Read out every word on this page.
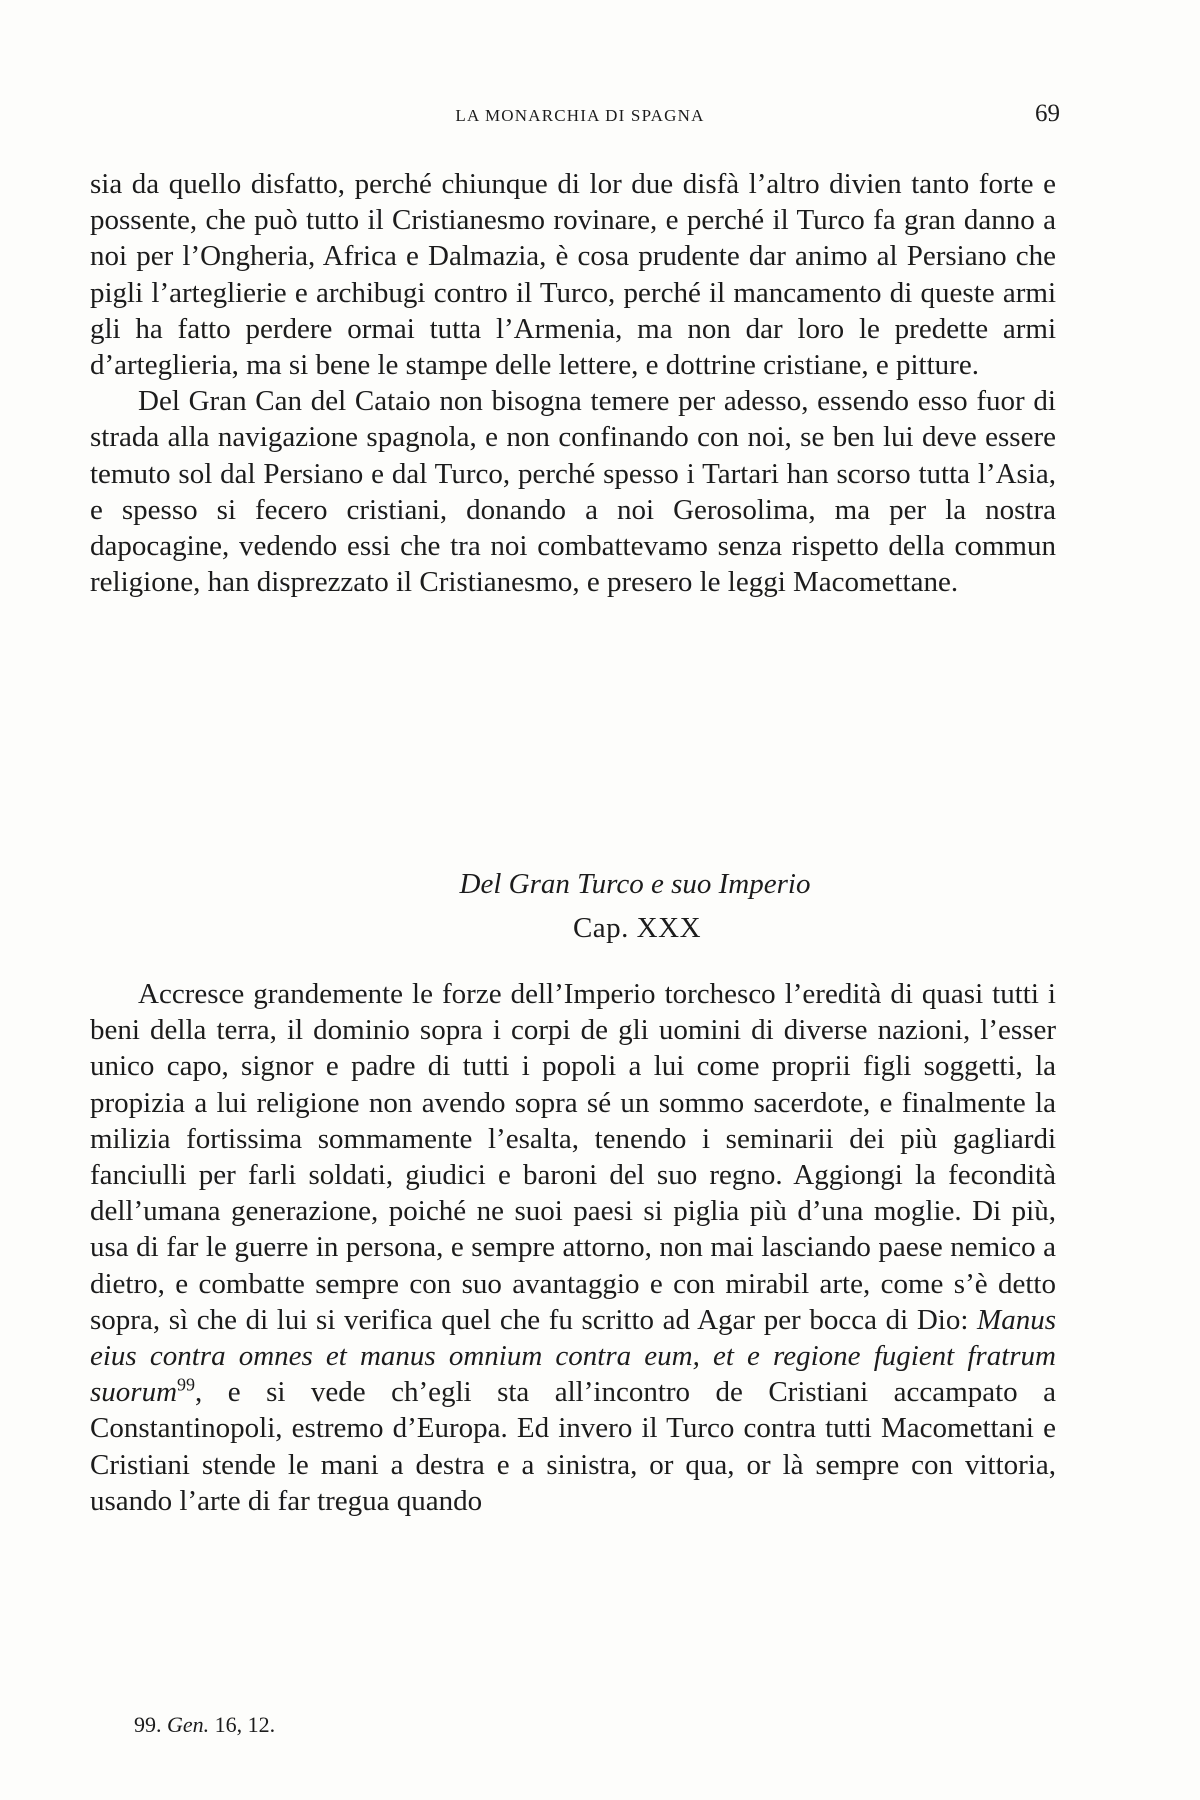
LA MONARCHIA DI SPAGNA	69

sia da quello disfatto, perché chiunque di lor due disfà l’altro divien tanto forte e possente, che può tutto il Cristianesmo rovinare, e perché il Turco fa gran danno a noi per l’Ongheria, Africa e Dalmazia, è cosa prudente dar animo al Persiano che pigli l’arteglierie e archibugi contro il Turco, perché il mancamento di queste armi gli ha fatto perdere ormai tutta l’Armenia, ma non dar loro le predette armi d’arteglieria, ma si bene le stampe delle lettere, e dottrine cristiane, e pitture.

Del Gran Can del Cataio non bisogna temere per adesso, essendo esso fuor di strada alla navigazione spagnola, e non confinando con noi, se ben lui deve essere temuto sol dal Persiano e dal Turco, perché spesso i Tartari han scorso tutta l’Asia, e spesso si fecero cristiani, donando a noi Gerosolima, ma per la nostra dapocagine, vedendo essi che tra noi combattevamo senza rispetto della commun religione, han disprezzato il Cristianesmo, e presero le leggi Macomettane.

Del Gran Turco e suo Imperio
Cap. XXX

Accresce grandemente le forze dell’Imperio torchesco l’eredità di quasi tutti i beni della terra, il dominio sopra i corpi de gli uomini di diverse nazioni, l’esser unico capo, signor e padre di tutti i popoli a lui come proprii figli soggetti, la propizia a lui religione non avendo sopra sé un sommo sacerdote, e finalmente la milizia fortissima sommamente l’esalta, tenendo i seminarii dei più gagliardi fanciulli per farli soldati, giudici e baroni del suo regno. Aggiongi la fecondità dell’umana generazione, poiché ne suoi paesi si piglia più d’una moglie. Di più, usa di far le guerre in persona, e sempre attorno, non mai lasciando paese nemico a dietro, e combatte sempre con suo avantaggio e con mirabil arte, come s’è detto sopra, sì che di lui si verifica quel che fu scritto ad Agar per bocca di Dio: Manus eius contra omnes et manus omnium contra eum, et e regione fugient fratrum suorum$^{99}$, e si vede ch’egli sta all’incontro de Cristiani accampato a Constantinopoli, estremo d’Europa. Ed invero il Turco contra tutti Macomettani e Cristiani stende le mani a destra e a sinistra, or qua, or là sempre con vittoria, usando l’arte di far tregua quando

99. Gen. 16, 12.
